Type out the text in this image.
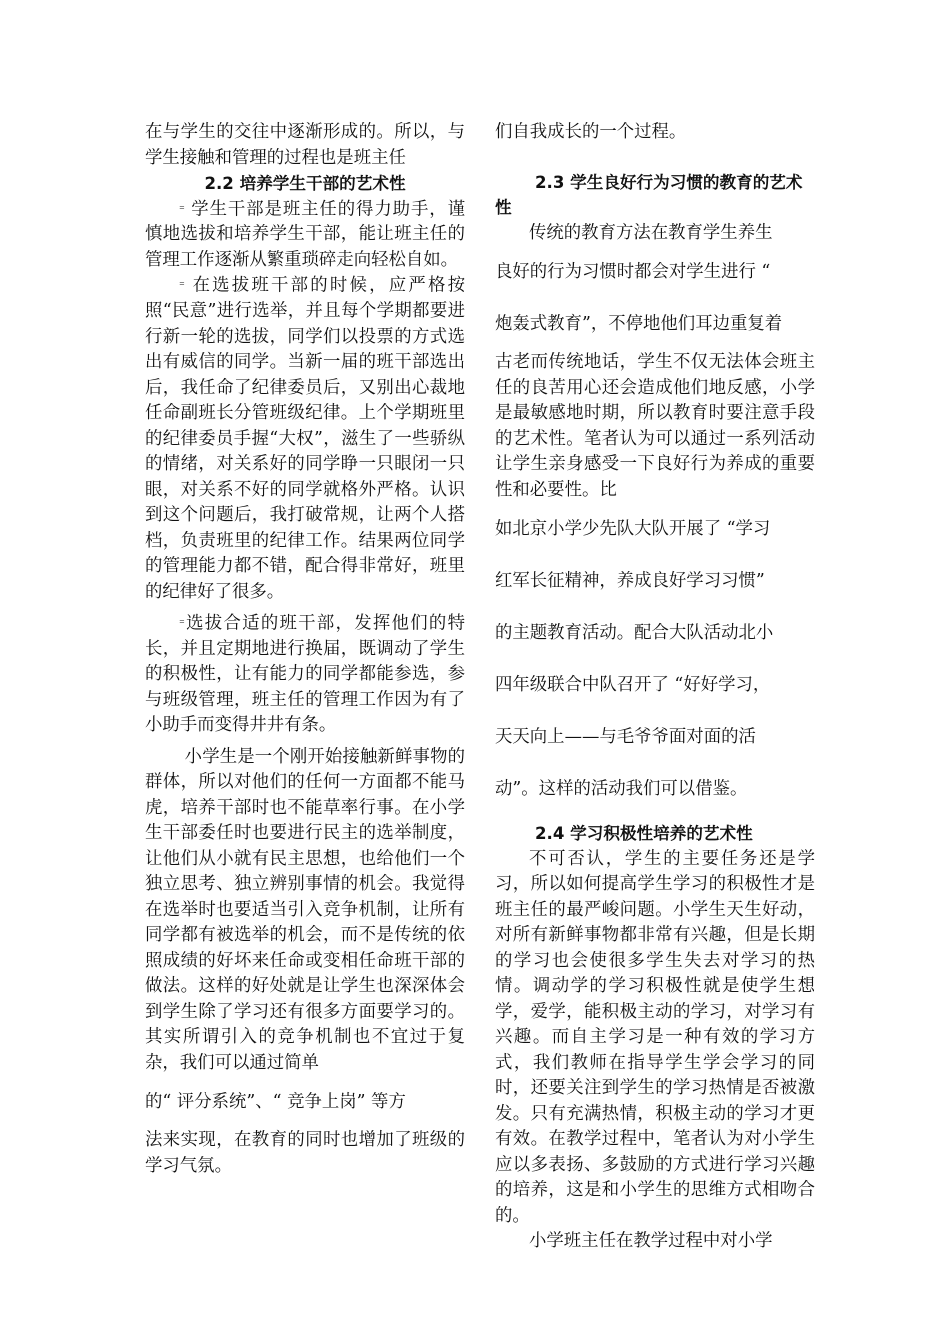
在与学生的交往中逐渐形成的。所以，与学生接触和管理的过程也是班主任

2.2 培养学生干部的艺术性

⁼ 学生干部是班主任的得力助手，谨慎地选拔和培养学生干部，能让班主任的管理工作逐渐从繁重琐碎走向轻松自如。

⁼ 在选拔班干部的时候，应严格按照“民意”进行选举，并且每个学期都要进行新一轮的选拔，同学们以投票的方式选出有威信的同学。当新一届的班干部选出后，我任命了纪律委员后，又别出心裁地任命副班长分管班级纪律。上个学期班里的纪律委员手握“大权”，滋生了一些骄纵的情绪，对关系好的同学睁一只眼闭一只眼，对关系不好的同学就格外严格。认识到这个问题后，我打破常规，让两个人搭档，负责班里的纪律工作。结果两位同学的管理能力都不错，配合得非常好，班里的纪律好了很多。

⁼选拔合适的班干部，发挥他们的特长，并且定期地进行换届，既调动了学生的积极性，让有能力的同学都能参选，参与班级管理，班主任的管理工作因为有了小助手而变得井井有条。

小学生是一个刚开始接触新鲜事物的群体，所以对他们的任何一方面都不能马虎，培养干部时也不能草率行事。在小学生干部委任时也要进行民主的选举制度，让他们从小就有民主思想，也给他们一个独立思考、独立辨别事情的机会。我觉得在选举时也要适当引入竞争机制，让所有同学都有被选举的机会，而不是传统的依照成绩的好坏来任命或变相任命班干部的做法。这样的好处就是让学生也深深体会到学生除了学习还有很多方面要学习的。其实所谓引入的竞争机制也不宜过于复杂，我们可以通过简单

的“ 评分系统”、“ 竞争上岗” 等方

法来实现，在教育的同时也增加了班级的学习气氛。

们自我成长的一个过程。

2.3 学生良好行为习惯的教育的艺术性

传统的教育方法在教育学生养生

良好的行为习惯时都会对学生进行 “

炮轰式教育”，不停地他们耳边重复着

古老而传统地话，学生不仅无法体会班主任的良苦用心还会造成他们地反感，小学是最敏感地时期，所以教育时要注意手段的艺术性。笔者认为可以通过一系列活动让学生亲身感受一下良好行为养成的重要性和必要性。比

如北京小学少先队大队开展了 “学习

红军长征精神，养成良好学习习惯”

的主题教育活动。配合大队活动北小

四年级联合中队召开了 “好好学习，

天天向上——与毛爷爷面对面的活

动”。这样的活动我们可以借鉴。

2.4 学习积极性培养的艺术性

不可否认，学生的主要任务还是学习，所以如何提高学生学习的积极性才是班主任的最严峻问题。小学生天生好动，对所有新鲜事物都非常有兴趣，但是长期的学习也会使很多学生失去对学习的热情。调动学的学习积极性就是使学生想学，爱学，能积极主动的学习，对学习有兴趣。而自主学习是一种有效的学习方式，我们教师在指导学生学会学习的同时，还要关注到学生的学习热情是否被激发。只有充满热情，积极主动的学习才更有效。在教学过程中，笔者认为对小学生应以多表扬、多鼓励的方式进行学习兴趣的培养，这是和小学生的思维方式相吻合的。

小学班主任在教学过程中对小学
